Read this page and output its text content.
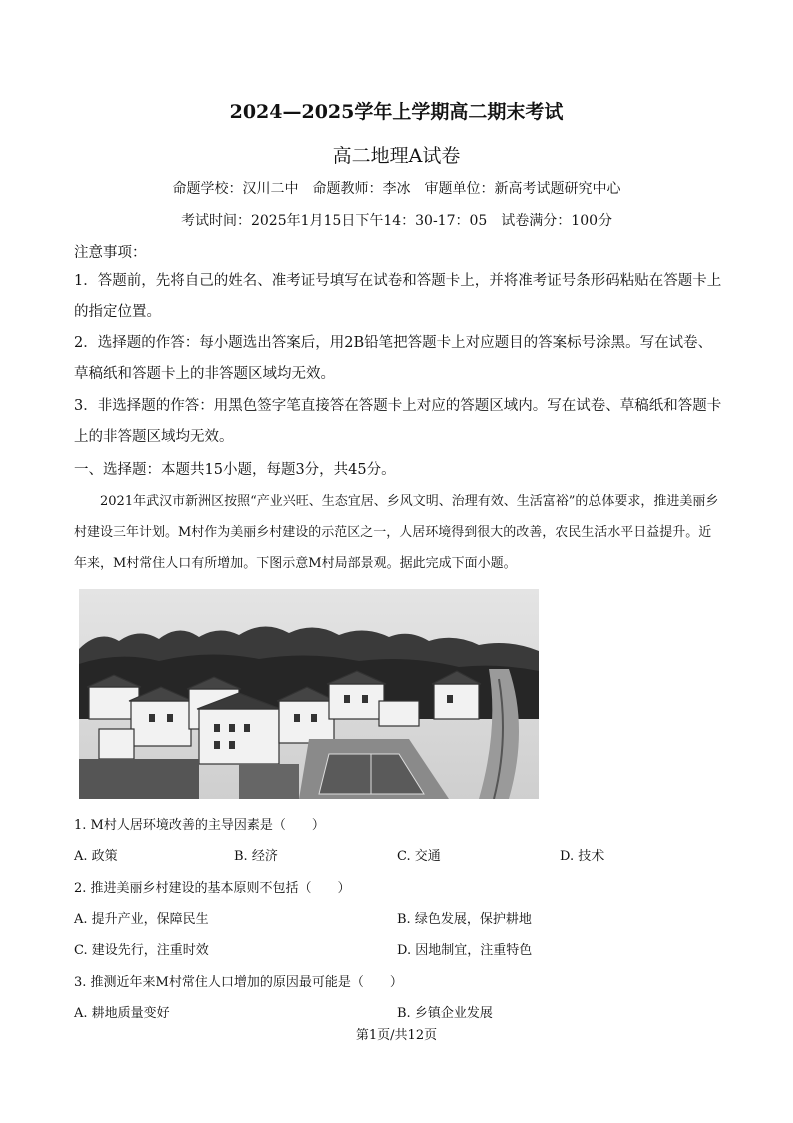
2024—2025学年上学期高二期末考试
高二地理A试卷
命题学校：汉川二中　命题教师：李冰　审题单位：新高考试题研究中心
考试时间：2025年1月15日下午14：30-17：05　试卷满分：100分
注意事项：
1．答题前，先将自己的姓名、准考证号填写在试卷和答题卡上，并将准考证号条形码粘贴在答题卡上的指定位置。
2．选择题的作答：每小题选出答案后，用2B铅笔把答题卡上对应题目的答案标号涂黑。写在试卷、草稿纸和答题卡上的非答题区域均无效。
3．非选择题的作答：用黑色签字笔直接答在答题卡上对应的答题区域内。写在试卷、草稿纸和答题卡上的非答题区域均无效。
一、选择题：本题共15小题，每题3分，共45分。
2021年武汉市新洲区按照“产业兴旺、生态宜居、乡风文明、治理有效、生活富裕”的总体要求，推进美丽乡村建设三年计划。M村作为美丽乡村建设的示范区之一，人居环境得到很大的改善，农民生活水平日益提升。近年来，M村常住人口有所增加。下图示意M村局部景观。据此完成下面小题。
1. M村人居环境改善的主导因素是（　　）
A. 政策	B. 经济	C. 交通	D. 技术
2. 推进美丽乡村建设的基本原则不包括（　　）
A. 提升产业，保障民生	B. 绿色发展，保护耕地
C. 建设先行，注重时效	D. 因地制宜，注重特色
3. 推测近年来M村常住人口增加的原因最可能是（　　）
A. 耕地质量变好	B. 乡镇企业发展
第1页/共12页
